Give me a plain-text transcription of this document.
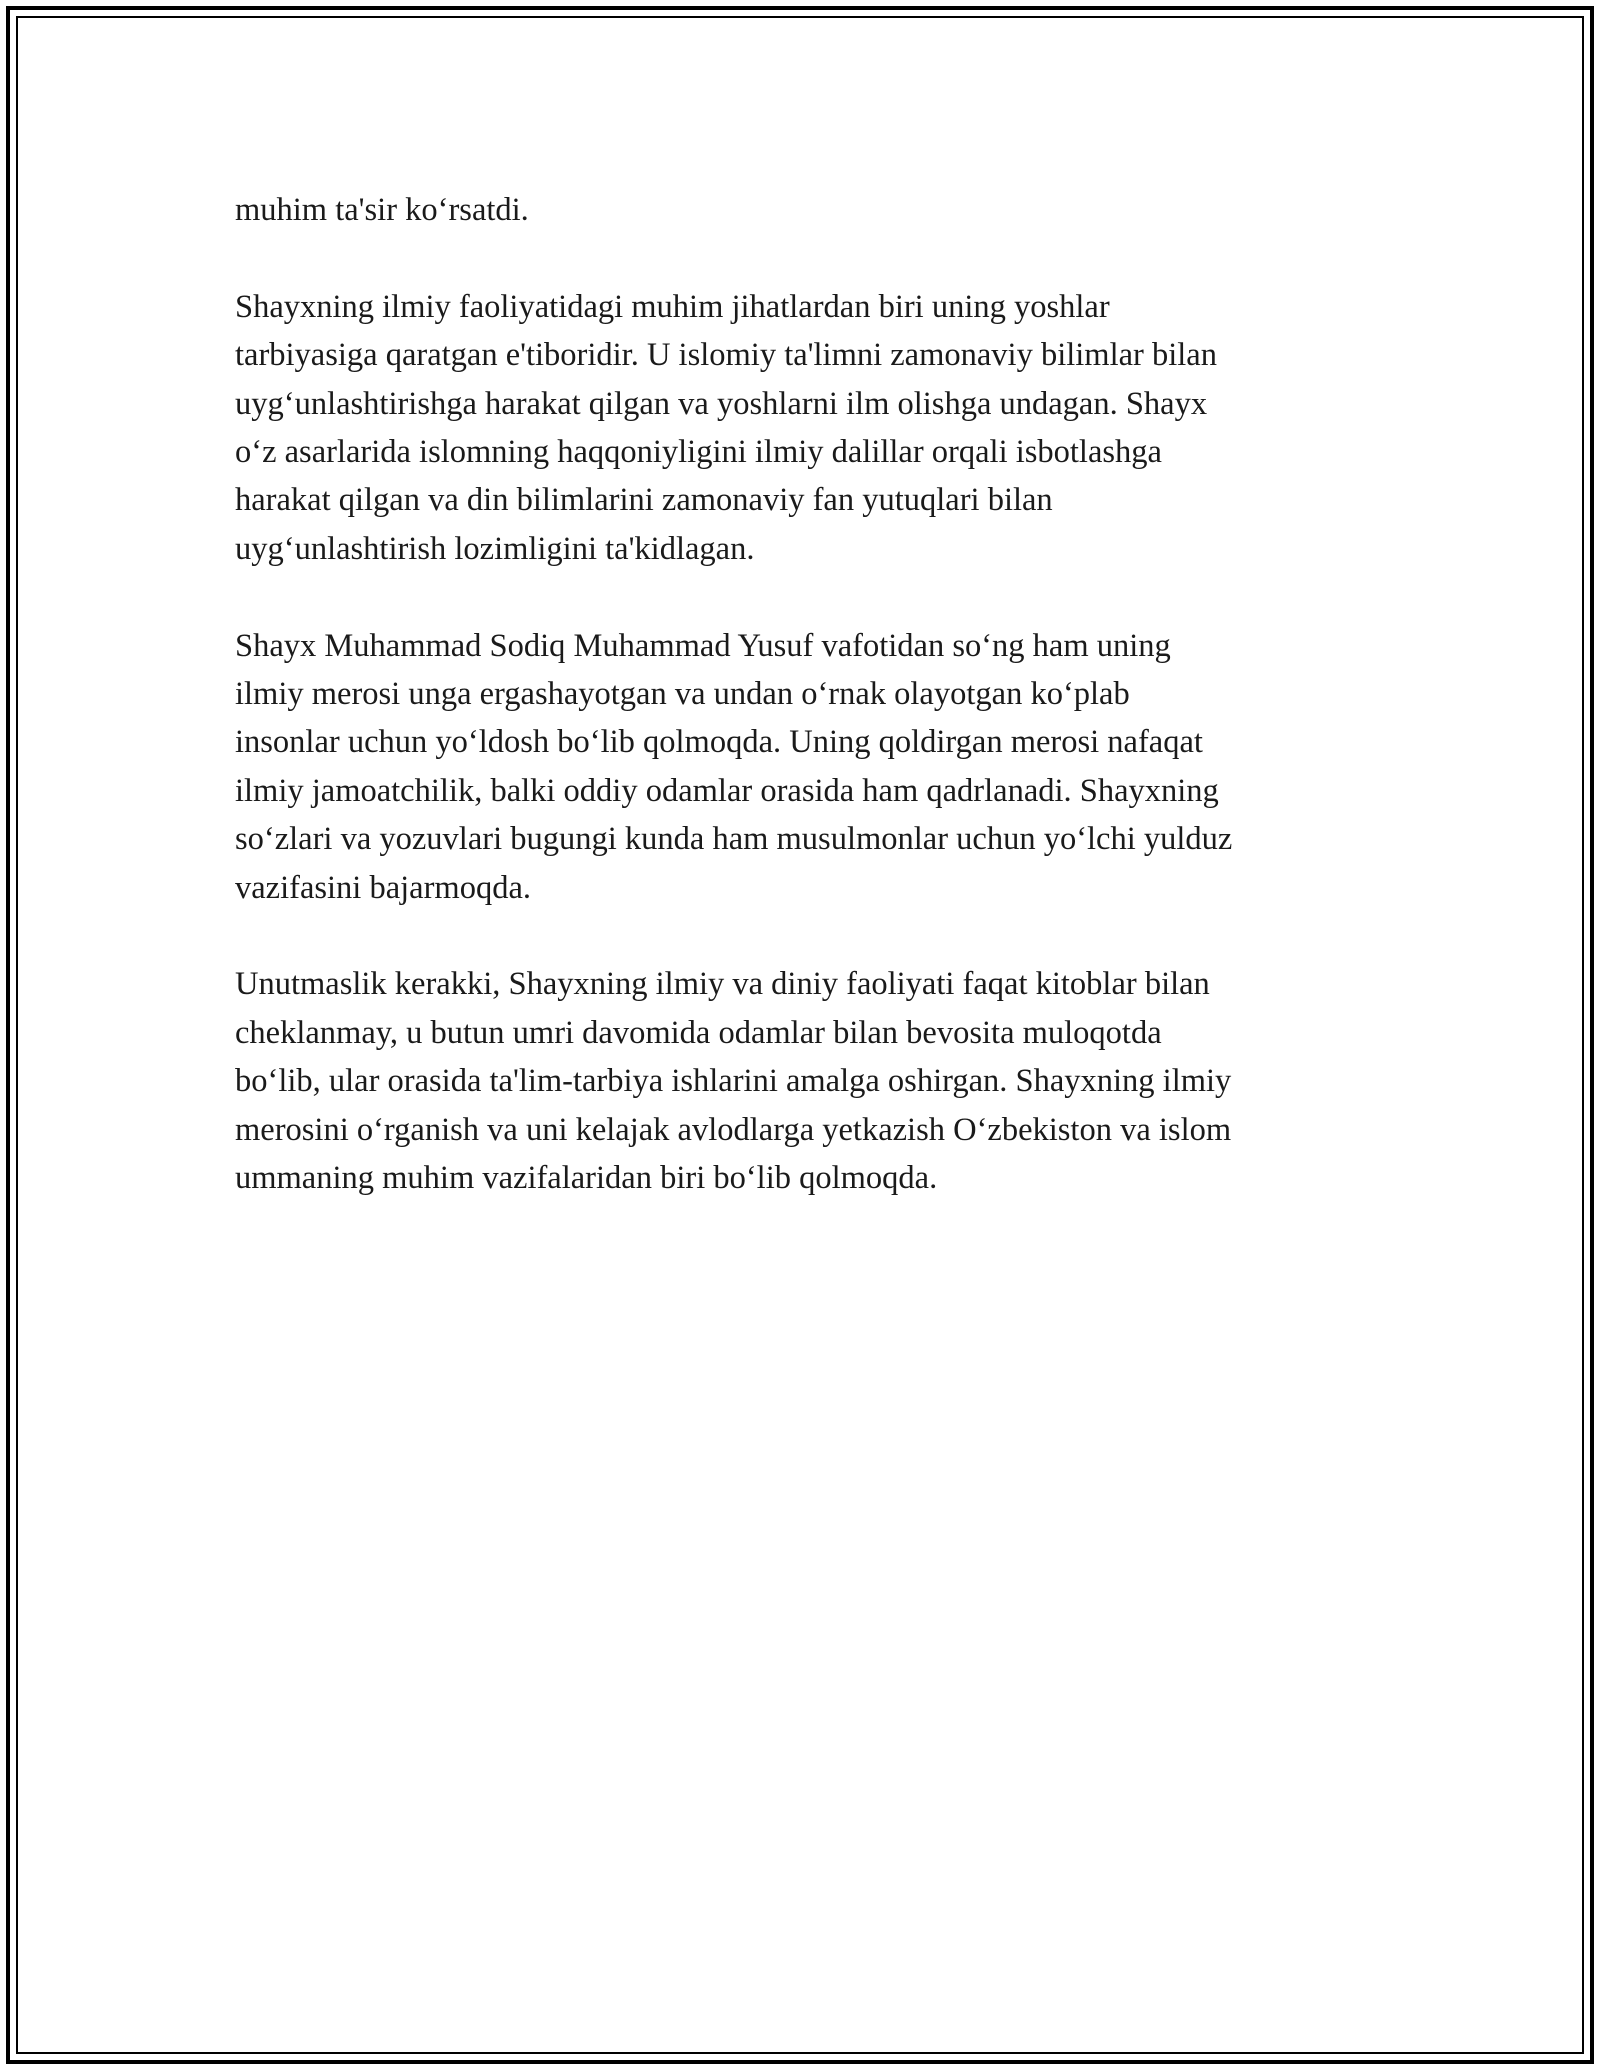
muhim ta'sir ko‘rsatdi.

Shayxning ilmiy faoliyatidagi muhim jihatlardan biri uning yoshlar
tarbiyasiga qaratgan e'tiboridir. U islomiy ta'limni zamonaviy bilimlar bilan
uyg‘unlashtirishga harakat qilgan va yoshlarni ilm olishga undagan. Shayx
o‘z asarlarida islomning haqqoniyligini ilmiy dalillar orqali isbotlashga
harakat qilgan va din bilimlarini zamonaviy fan yutuqlari bilan
uyg‘unlashtirish lozimligini ta'kidlagan.

Shayx Muhammad Sodiq Muhammad Yusuf vafotidan so‘ng ham uning
ilmiy merosi unga ergashayotgan va undan o‘rnak olayotgan ko‘plab
insonlar uchun yo‘ldosh bo‘lib qolmoqda. Uning qoldirgan merosi nafaqat
ilmiy jamoatchilik, balki oddiy odamlar orasida ham qadrlanadi. Shayxning
so‘zlari va yozuvlari bugungi kunda ham musulmonlar uchun yo‘lchi yulduz
vazifasini bajarmoqda.

Unutmaslik kerakki, Shayxning ilmiy va diniy faoliyati faqat kitoblar bilan
cheklanmay, u butun umri davomida odamlar bilan bevosita muloqotda
bo‘lib, ular orasida ta'lim-tarbiya ishlarini amalga oshirgan. Shayxning ilmiy
merosini o‘rganish va uni kelajak avlodlarga yetkazish O‘zbekiston va islom
ummaning muhim vazifalaridan biri bo‘lib qolmoqda.
